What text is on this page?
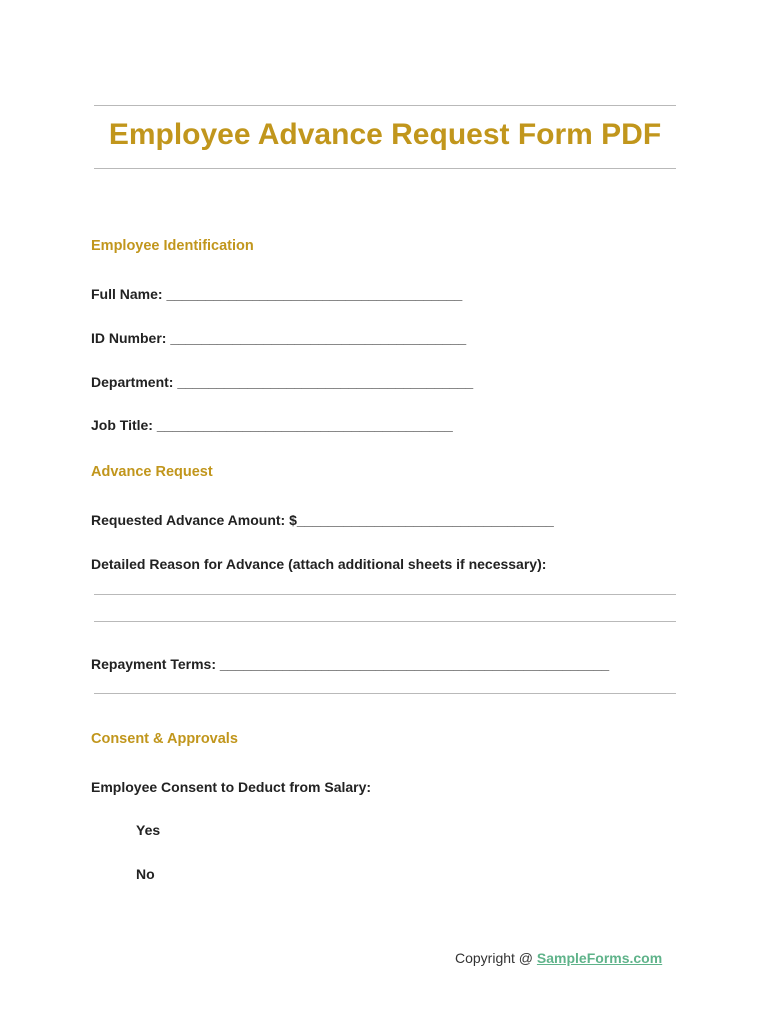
Employee Advance Request Form PDF

Employee Identification

Full Name: ______________________________________

ID Number: ______________________________________

Department: ______________________________________

Job Title: ______________________________________

Advance Request

Requested Advance Amount: $_________________________________

Detailed Reason for Advance (attach additional sheets if necessary):

Repayment Terms: __________________________________________________

Consent & Approvals

Employee Consent to Deduct from Salary:

Yes

No

Copyright @ SampleForms.com
